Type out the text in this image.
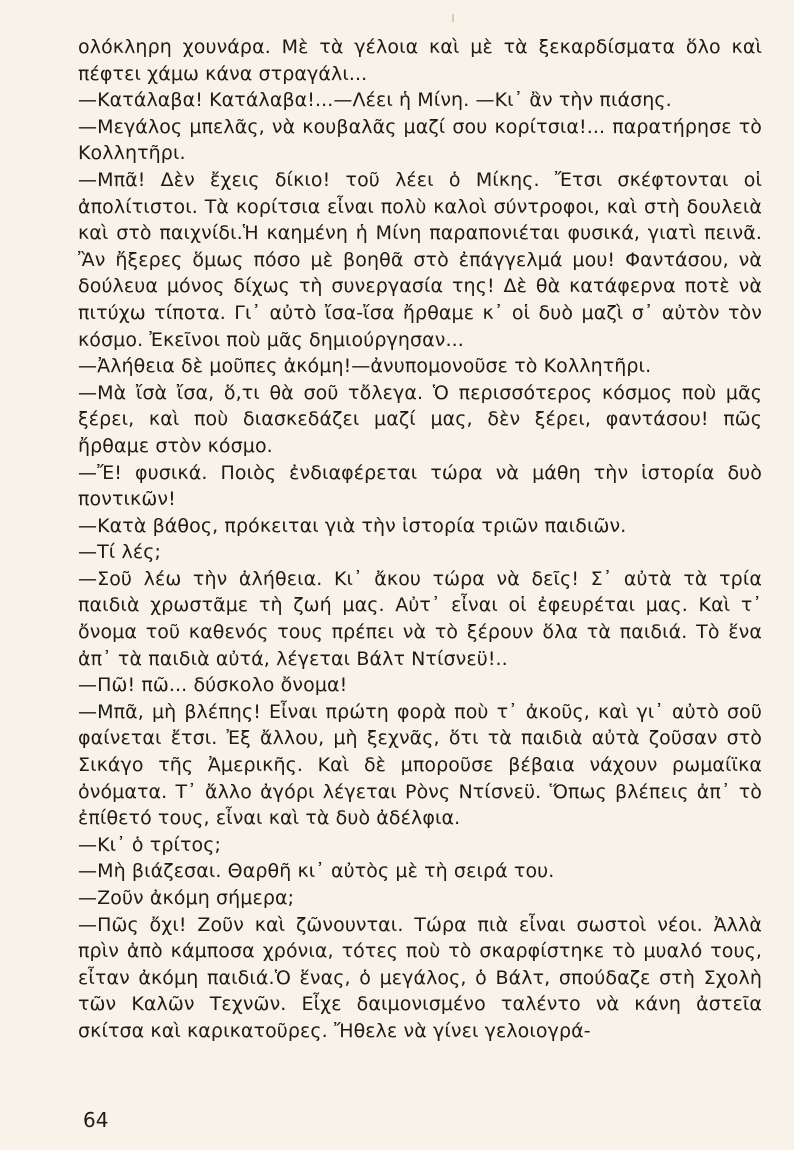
ολόκληρη χουνάρα. Μὲ τὰ γέλοια καὶ μὲ τὰ ξεκαρδίσματα ὅλο καὶ πέφτει χάμω κάνα στραγάλι...

—Κατάλαβα! Κατάλαβα!...—Λέει ἡ Μίνη. —Κι᾿ ἂν τὴν πιάσης.

—Μεγάλος μπελᾶς, νὰ κουβαλᾶς μαζί σου κορίτσια!... παρατήρησε τὸ Κολλητῆρι.

—Μπᾶ! Δὲν ἔχεις δίκιο! τοῦ λέει ὁ Μίκης. Ἔτσι σκέφτονται οἱ ἀπολίτιστοι. Τὰ κορίτσια εἶναι πολὺ καλοὶ σύντροφοι, καὶ στὴ δουλειὰ καὶ στὸ παιχνίδι.Ἡ καημένη ἡ Μίνη παραπονιέται φυσικά, γιατὶ πεινᾶ. Ἂν ἤξερες ὅμως πόσο μὲ βοηθᾶ στὸ ἐπάγγελμά μου! Φαντάσου, νὰ δούλευα μόνος δίχως τὴ συνεργασία της! Δὲ θὰ κατάφερνα ποτὲ νὰ πιτύχω τίποτα. Γι᾿ αὐτὸ ἴσα-ἴσα ἤρθαμε κ᾿ οἱ δυὸ μαζὶ σ᾿ αὐτὸν τὸν κόσμο. Ἐκεῖνοι ποὺ μᾶς δημιούργησαν...

—Ἀλήθεια δὲ μοῦπες ἀκόμη!—ἀνυπομονοῦσε τὸ Κολλητῆρι.

—Μὰ ἴσὰ ἴσα, ὅ,τι θὰ σοῦ τὄλεγα. Ὁ περισσότερος κόσμος ποὺ μᾶς ξέρει, καὶ ποὺ διασκεδάζει μαζί μας, δὲν ξέρει, φαντάσου! πῶς ἤρθαμε στὸν κόσμο.

—Ἔ! φυσικά. Ποιὸς ἐνδιαφέρεται τώρα νὰ μάθη τὴν ἱστορία δυὸ ποντικῶν!

—Κατὰ βάθος, πρόκειται γιὰ τὴν ἱστορία τριῶν παιδιῶν.

—Τί λές;

—Σοῦ λέω τὴν ἀλήθεια. Κι᾿ ἄκου τώρα νὰ δεῖς! Σ᾿ αὐτὰ τὰ τρία παιδιὰ χρωστᾶμε τὴ ζωή μας. Αὐτ᾿ εἶναι οἱ ἐφευρέται μας. Καὶ τ᾿ ὄνομα τοῦ καθενός τους πρέπει νὰ τὸ ξέρουν ὅλα τὰ παιδιά. Τὸ ἕνα ἀπ᾿ τὰ παιδιὰ αὐτά, λέγεται Βάλτ Ντίσνεϋ!..

—Πῶ! πῶ... δύσκολο ὄνομα!

—Μπᾶ, μὴ βλέπης! Εἶναι πρώτη φορὰ ποὺ τ᾿ ἀκοῦς, καὶ γι᾿ αὐτὸ σοῦ φαίνεται ἔτσι. Ἐξ ἄλλου, μὴ ξεχνᾶς, ὅτι τὰ παιδιὰ αὐτὰ ζοῦσαν στὸ Σικάγο τῆς Ἀμερικῆς. Καὶ δὲ μποροῦσε βέβαια νάχουν ρωμαίϊκα ὀνόματα. Τ᾿ ἄλλο ἀγόρι λέγεται Ρὸνς Ντίσνεϋ. Ὅπως βλέπεις ἀπ᾿ τὸ ἐπίθετό τους, εἶναι καὶ τὰ δυὸ ἀδέλφια.

—Κι᾿ ὁ τρίτος;

—Μὴ βιάζεσαι. Θαρθῆ κι᾿ αὐτὸς μὲ τὴ σειρά του.

—Ζοῦν ἀκόμη σήμερα;

—Πῶς ὄχι! Ζοῦν καὶ ζῶνουνται. Τώρα πιὰ εἶναι σωστοὶ νέοι. Ἀλλὰ πρὶν ἀπὸ κάμποσα χρόνια, τότες ποὺ τὸ σκαρφίστηκε τὸ μυαλό τους, εἶταν ἀκόμη παιδιά.Ὁ ἕνας, ὁ μεγάλος, ὁ Βάλτ, σπούδαζε στὴ Σχολὴ τῶν Καλῶν Τεχνῶν. Εἶχε δαιμονισμένο ταλέντο νὰ κάνη ἀστεῖα σκίτσα καὶ καρικατοῦρες. Ἤθελε νὰ γίνει γελοιογρά-

64
